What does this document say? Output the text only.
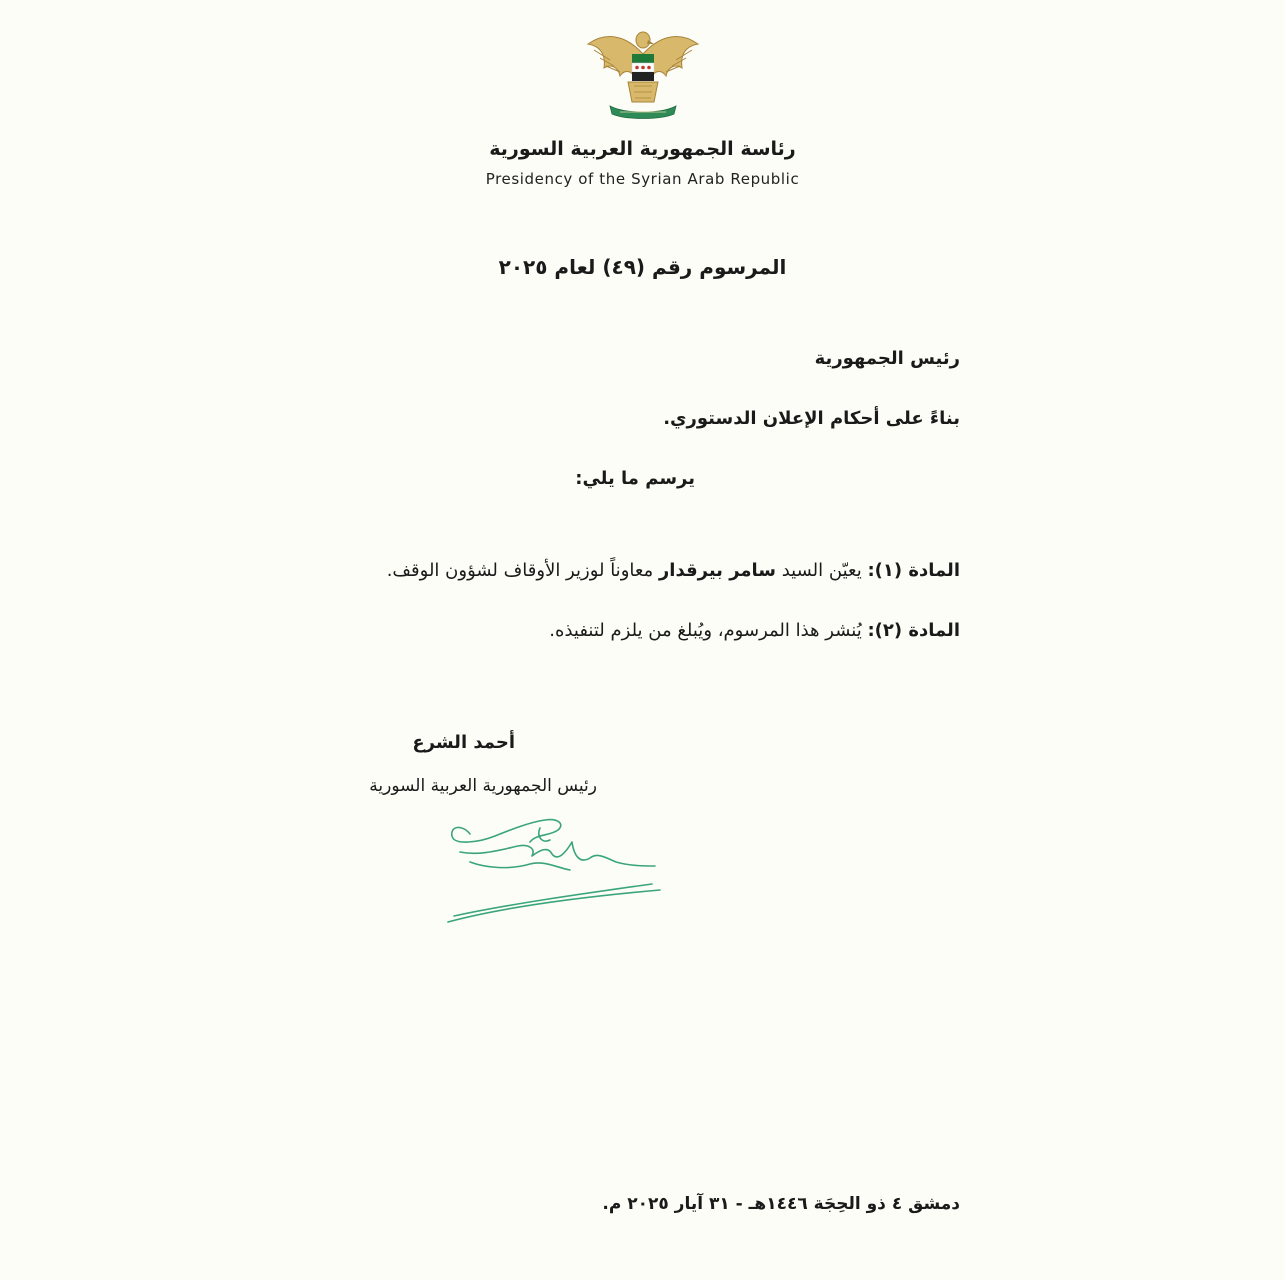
رئاسة الجمهورية العربية السورية
Presidency of the Syrian Arab Republic
المرسوم رقم (٤٩) لعام ٢٠٢٥
رئيس الجمهورية
بناءً على أحكام الإعلان الدستوري.
يرسم ما يلي:
المادة (١): يعيّن السيد سامر بيرقدار معاوناً لوزير الأوقاف لشؤون الوقف.
المادة (٢): يُنشر هذا المرسوم، ويُبلغ من يلزم لتنفيذه.
أحمد الشرع
رئيس الجمهورية العربية السورية
دمشق ٤ ذو الحِجَة ١٤٤٦هـ - ٣١ آيار ٢٠٢٥ م.
